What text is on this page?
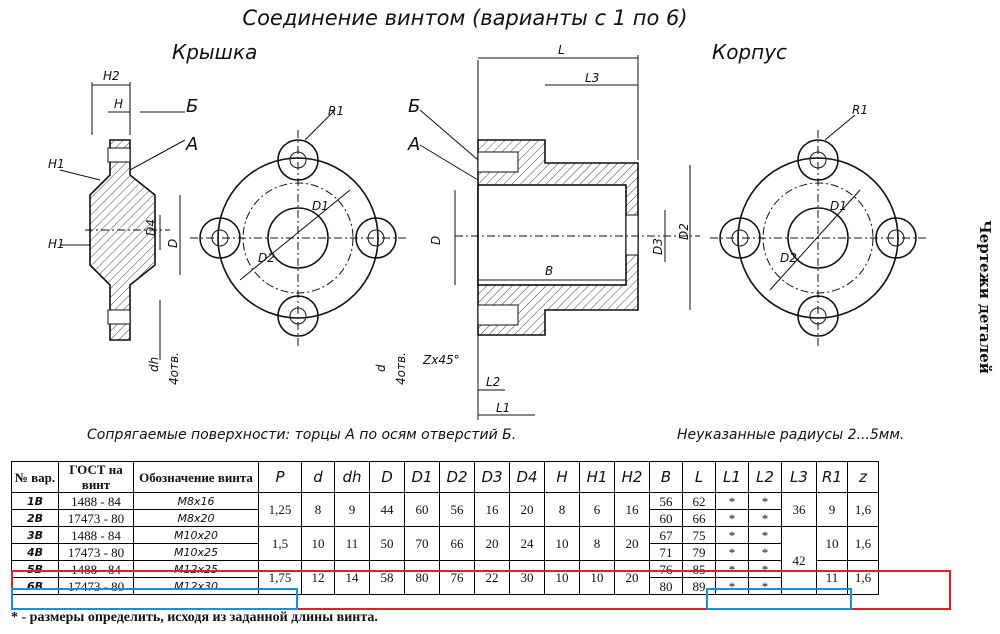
Соединение винтом (варианты с 1 по 6)
Крышка	Корпус
Чертежи деталей
H2
H
H1
H1
D4
D
dh 4отв.
R1
D1
D2
L
L3
D
B
D3
D2
d 4отв. Zx45°
L2
L1
R1
D1
D2
Б
А
Б
А
Сопрягаемые поверхности: торцы А по осям отверстий Б.	Неуказанные радиусы 2...5мм.
№ вар.	ГОСТ на винт	Обозначение винта	P	d	dh	D	D1	D2	D3	D4	H	H1	H2	B	L	L1	L2	L3	R1	z
1B	1488 - 84	M8x16	1,25	8	9	44	60	56	16	20	8	6	16	56	62	*	*	36	9	1,6
2B	17473 - 80	M8x20												60	66	*	*			
3B	1488 - 84	M10x20	1,5	10	11	50	70	66	20	24	10	8	20	67	75	*	*	42	10	1,6
4B	17473 - 80	M10x25												71	79	*	*			
5B	1488 - 84	M12x25	1,75	12	14	58	80	76	22	30	10	10	20	76	85	*	*		11	1,6
6B	17473 - 80	M12x30												80	89	*	*			
* - размеры определить, исходя из заданной длины винта.
